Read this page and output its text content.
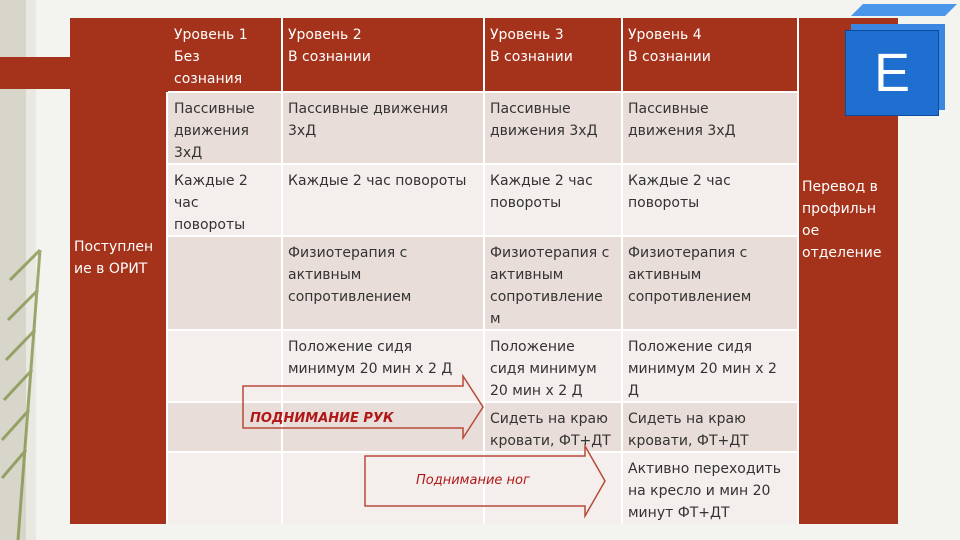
Уровень 1
Без
сознания
Уровень 2
В сознании
Уровень 3
В сознании
Уровень 4
В сознании
Пассивные
движения
3хД
Пассивные движения
3хД
Пассивные
движения 3хД
Пассивные
движения 3хД
Каждые 2
час
повороты
Каждые 2 час повороты	Каждые 2 час
повороты
Каждые 2 час
повороты
Физиотерапия с
активным
сопротивлением
Физиотерапия с
активным
сопротивление
м
Физиотерапия с
активным
сопротивлением
Положение сидя
минимум 20 мин х 2 Д
Положение
сидя минимум
20 мин х 2 Д
Положение сидя
минимум 20 мин х 2
Д
Сидеть на краю
кровати, ФТ+ДТ
Сидеть на краю
кровати, ФТ+ДТ
Активно переходить
на кресло и мин 20
минут ФТ+ДТ
Поступлен
ие в ОРИТ
Перевод в
профильн
ое
отделение
E
ПОДНИМАНИЕ РУК
Поднимание ног
